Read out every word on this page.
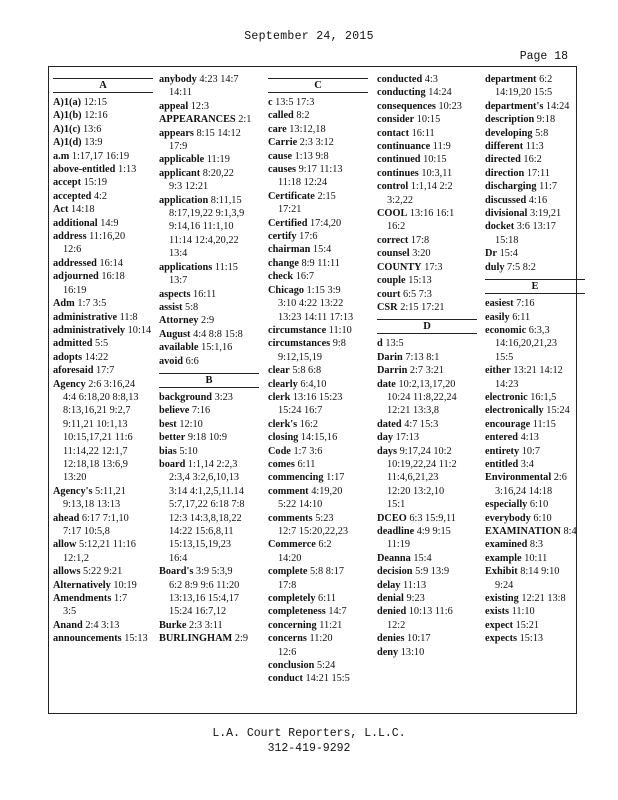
September 24, 2015
Page 18
A
A)1(a) 12:15
A)1(b) 12:16
A)1(c) 13:6
A)1(d) 13:9
a.m 1:17,17 16:19
above-entitled 1:13
accept 15:19
accepted 4:2
Act 14:18
additional 14:9
address 11:16,20
12:6
addressed 16:14
adjourned 16:18
16:19
Adm 1:7 3:5
administrative 11:8
administratively 10:14
admitted 5:5
adopts 14:22
aforesaid 17:7
Agency 2:6 3:16,24
4:4 6:18,20 8:8,13
8:13,16,21 9:2,7
9:11,21 10:1,13
10:15,17,21 11:6
11:14,22 12:1,7
12:18,18 13:6,9
13:20
Agency's 5:11,21
9:13,18 13:13
ahead 6:17 7:1,10
7:17 10:5,8
allow 5:12,21 11:16
12:1,2
allows 5:22 9:21
Alternatively 10:19
Amendments 1:7
3:5
Anand 2:4 3:13
announcements 15:13
anybody 4:23 14:7
14:11
appeal 12:3
APPEARANCES 2:1
appears 8:15 14:12
17:9
applicable 11:19
applicant 8:20,22
9:3 12:21
application 8:11,15
8:17,19,22 9:1,3,9
9:14,16 11:1,10
11:14 12:4,20,22
13:4
applications 11:15
13:7
aspects 16:11
assist 5:8
Attorney 2:9
August 4:4 8:8 15:8
available 15:1,16
avoid 6:6
B
background 3:23
believe 7:16
best 12:10
better 9:18 10:9
bias 5:10
board 1:1,14 2:2,3
2:3,4 3:2,6,10,13
3:14 4:1,2,5,11.14
5:7,17,22 6:18 7:8
12:3 14:3,8,18,22
14:22 15:6,8,11
15:13,15,19,23
16:4
Board's 3:9 5:3,9
6:2 8:9 9:6 11:20
13:13,16 15:4,17
15:24 16:7,12
Burke 2:3 3:11
BURLINGHAM 2:9
C
c 13:5 17:3
called 8:2
care 13:12,18
Carrie 2:3 3:12
cause 1:13 9:8
causes 9:17 11:13
11:18 12:24
Certificate 2:15
17:21
Certified 17:4,20
certify 17:6
chairman 15:4
change 8:9 11:11
check 16:7
Chicago 1:15 3:9
3:10 4:22 13:22
13:23 14:11 17:13
circumstance 11:10
circumstances 9:8
9:12,15,19
clear 5:8 6:8
clearly 6:4,10
clerk 13:16 15:23
15:24 16:7
clerk's 16:2
closing 14:15,16
Code 1:7 3:6
comes 6:11
commencing 1:17
comment 4:19,20
5:22 14:10
comments 5:23
12:7 15:20,22,23
Commerce 6:2
14:20
complete 5:8 8:17
17:8
completely 6:11
completeness 14:7
concerning 11:21
concerns 11:20
12:6
conclusion 5:24
conduct 14:21 15:5
conducted 4:3
conducting 14:24
consequences 10:23
consider 10:15
contact 16:11
continuance 11:9
continued 10:15
continues 10:3,11
control 1:1,14 2:2
3:2,22
COOL 13:16 16:1
16:2
correct 17:8
counsel 3:20
COUNTY 17:3
couple 15:13
court 6:5 7:3
CSR 2:15 17:21
D
d 13:5
Darin 7:13 8:1
Darrin 2:7 3:21
date 10:2,13,17,20
10:24 11:8,22,24
12:21 13:3,8
dated 4:7 15:3
day 17:13
days 9:17,24 10:2
10:19,22,24 11:2
11:4,6,21,23
12:20 13:2,10
15:1
DCEO 6:3 15:9,11
deadline 4:9 9:15
11:19
Deanna 15:4
decision 5:9 13:9
delay 11:13
denial 9:23
denied 10:13 11:6
12:2
denies 10:17
deny 13:10
department 6:2
14:19,20 15:5
department's 14:24
description 9:18
developing 5:8
different 11:3
directed 16:2
direction 17:11
discharging 11:7
discussed 4:16
divisional 3:19,21
docket 3:6 13:17
15:18
Dr 15:4
duly 7:5 8:2
E
easiest 7:16
easily 6:11
economic 6:3,3
14:16,20,21,23
15:5
either 13:21 14:12
14:23
electronic 16:1,5
electronically 15:24
encourage 11:15
entered 4:13
entirety 10:7
entitled 3:4
Environmental 2:6
3:16,24 14:18
especially 6:10
everybody 6:10
EXAMINATION 8:4
examined 8:3
example 10:11
Exhibit 8:14 9:10
9:24
existing 12:21 13:8
exists 11:10
expect 15:21
expects 15:13
L.A. Court Reporters, L.L.C.
312-419-9292
